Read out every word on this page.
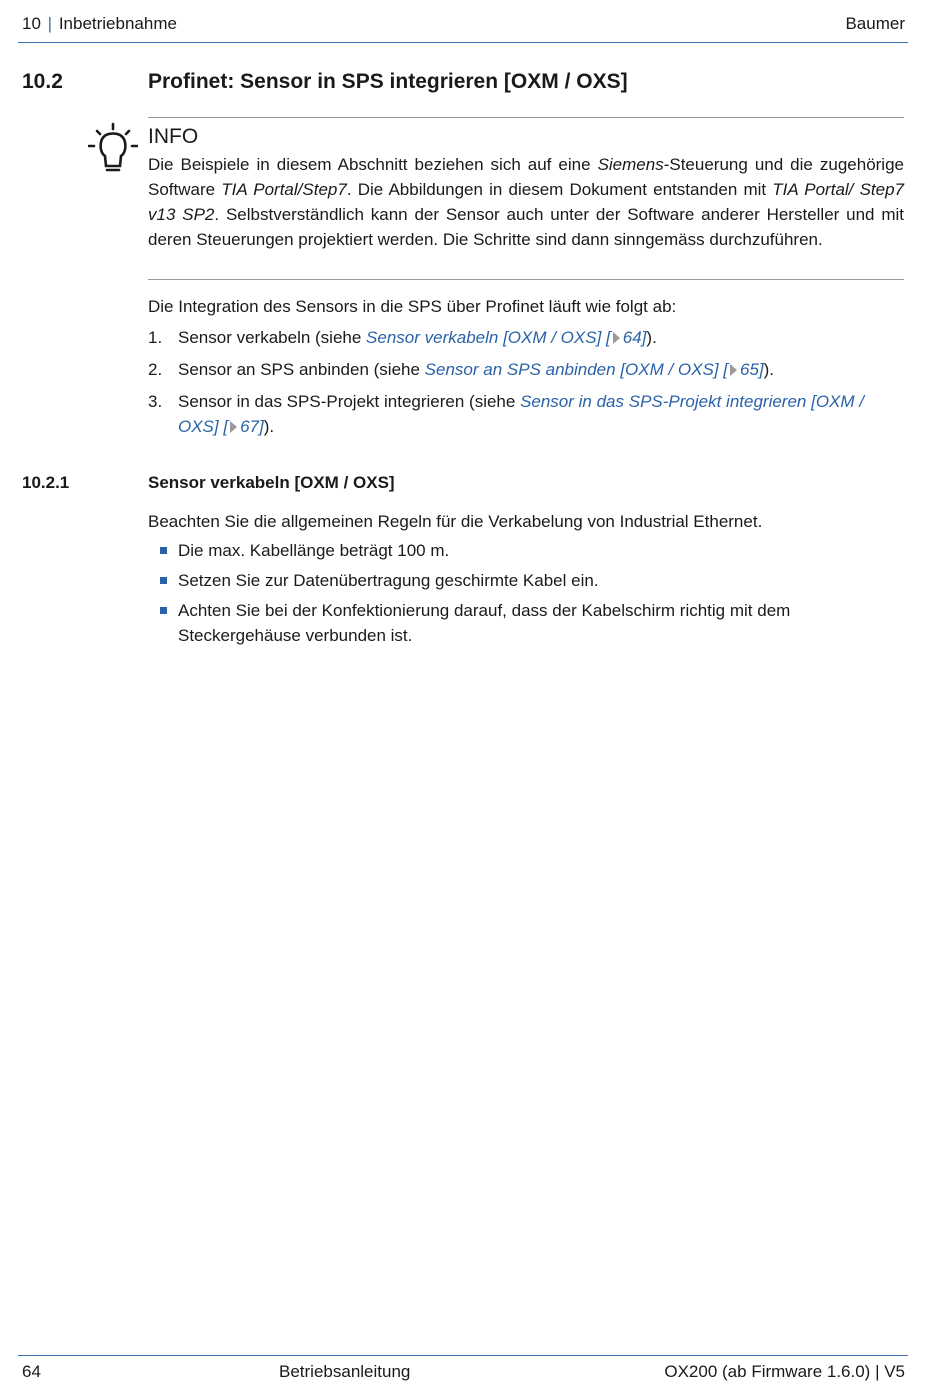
10 | Inbetriebnahme	Baumer
10.2	Profinet: Sensor in SPS integrieren [OXM / OXS]
INFO
Die Beispiele in diesem Abschnitt beziehen sich auf eine Siemens-Steuerung und die zugehörige Software TIA Portal/Step7. Die Abbildungen in diesem Dokument entstanden mit TIA Portal/ Step7 v13 SP2. Selbstverständlich kann der Sensor auch unter der Software anderer Hersteller und mit deren Steuerungen projektiert werden. Die Schritte sind dann sinngemäss durchzuführen.
Die Integration des Sensors in die SPS über Profinet läuft wie folgt ab:
1. Sensor verkabeln (siehe Sensor verkabeln [OXM / OXS] [ 64]).
2. Sensor an SPS anbinden (siehe Sensor an SPS anbinden [OXM / OXS] [ 65]).
3. Sensor in das SPS-Projekt integrieren (siehe Sensor in das SPS-Projekt integrieren [OXM / OXS] [ 67]).
10.2.1	Sensor verkabeln [OXM / OXS]
Beachten Sie die allgemeinen Regeln für die Verkabelung von Industrial Ethernet.
Die max. Kabellänge beträgt 100 m.
Setzen Sie zur Datenübertragung geschirmte Kabel ein.
Achten Sie bei der Konfektionierung darauf, dass der Kabelschirm richtig mit dem Steckergehäuse verbunden ist.
64	Betriebsanleitung	OX200 (ab Firmware 1.6.0) | V5
